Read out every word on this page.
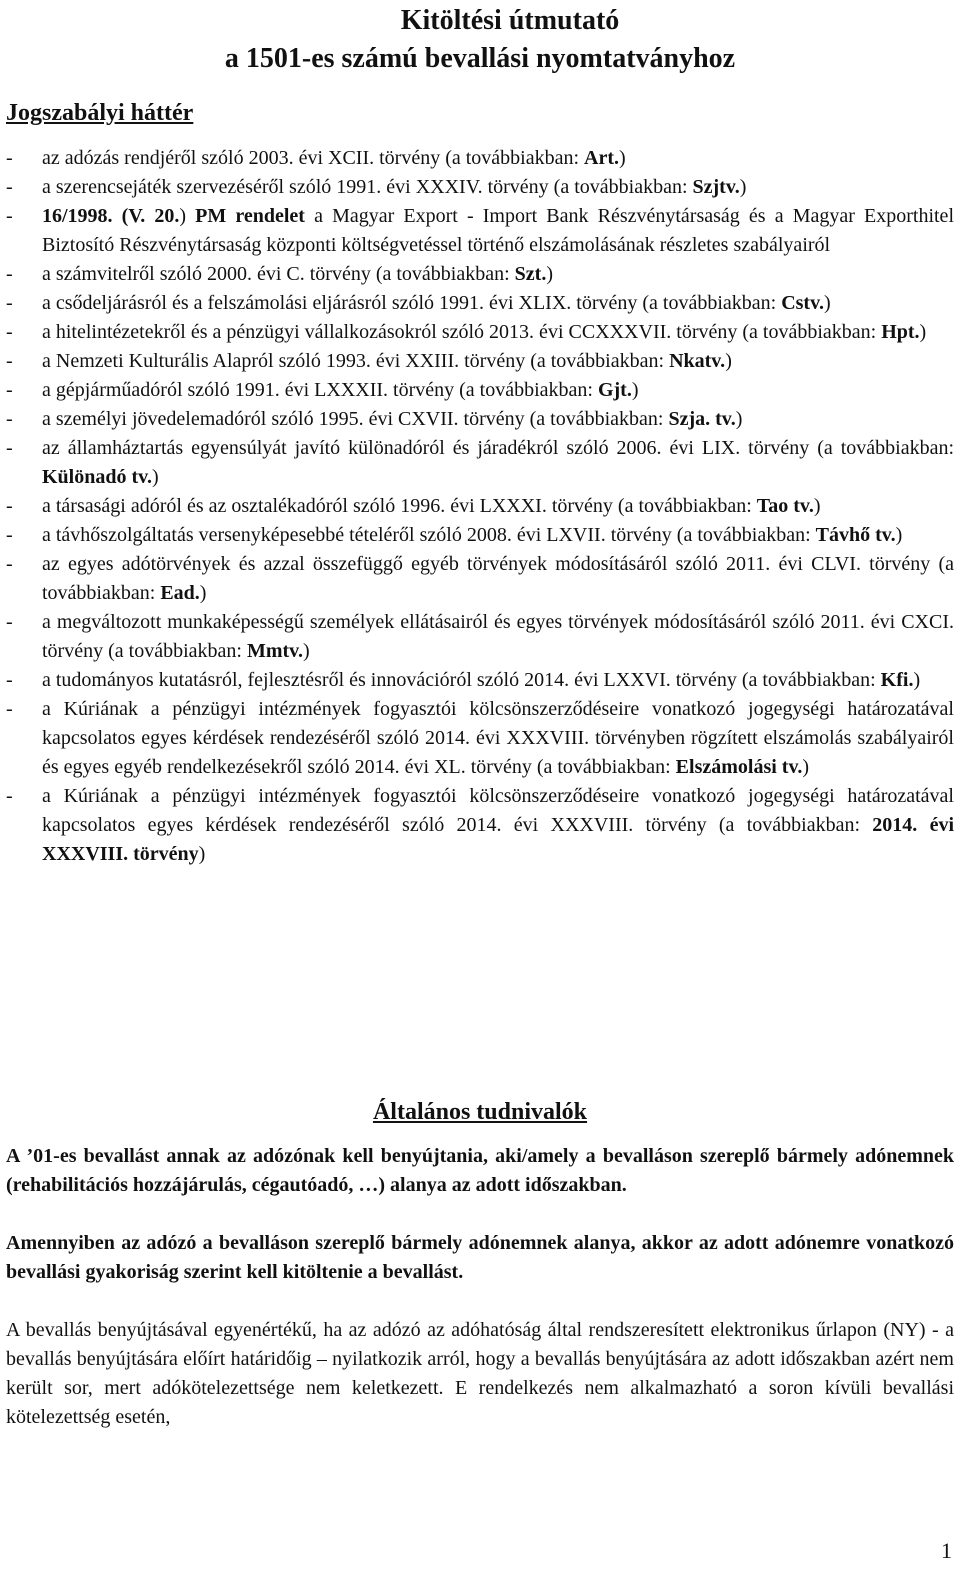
Kitöltési útmutató
a 1501-es számú bevallási nyomtatványhoz
Jogszabályi háttér
- az adózás rendjéről szóló 2003. évi XCII. törvény (a továbbiakban: Art.)
- a szerencsejáték szervezéséről szóló 1991. évi XXXIV. törvény (a továbbiakban: Szjtv.)
- 16/1998. (V. 20.) PM rendelet a Magyar Export - Import Bank Részvénytársaság és a Magyar Exporthitel Biztosító Részvénytársaság központi költségvetéssel történő elszámolásának részletes szabályairól
- a számvitelről szóló 2000. évi C. törvény (a továbbiakban: Szt.)
- a csődeljárásról és a felszámolási eljárásról szóló 1991. évi XLIX. törvény (a továbbiakban: Cstv.)
- a hitelintézetekről és a pénzügyi vállalkozásokról szóló 2013. évi CCXXXVII. törvény (a továbbiakban: Hpt.)
- a Nemzeti Kulturális Alapról szóló 1993. évi XXIII. törvény (a továbbiakban: Nkatv.)
- a gépjárműadóról szóló 1991. évi LXXXII. törvény (a továbbiakban: Gjt.)
- a személyi jövedelemadóról szóló 1995. évi CXVII. törvény (a továbbiakban: Szja. tv.)
- az államháztartás egyensúlyát javító különadóról és járadékról szóló 2006. évi LIX. törvény (a továbbiakban: Különadó tv.)
- a társasági adóról és az osztalékadóról szóló 1996. évi LXXXI. törvény (a továbbiakban: Tao tv.)
- a távhőszolgáltatás versenyképesebbé tételéről szóló 2008. évi LXVII. törvény (a továbbiakban: Távhő tv.)
- az egyes adótörvények és azzal összefüggő egyéb törvények módosításáról szóló 2011. évi CLVI. törvény (a továbbiakban: Ead.)
- a megváltozott munkaképességű személyek ellátásairól és egyes törvények módosításáról szóló 2011. évi CXCI. törvény (a továbbiakban: Mmtv.)
- a tudományos kutatásról, fejlesztésről és innovációról szóló 2014. évi LXXVI. törvény (a továbbiakban: Kfi.)
- a Kúriának a pénzügyi intézmények fogyasztói kölcsönszerződéseire vonatkozó jogegységi határozatával kapcsolatos egyes kérdések rendezéséről szóló 2014. évi XXXVIII. törvényben rögzített elszámolás szabályairól és egyes egyéb rendelkezésekről szóló 2014. évi XL. törvény (a továbbiakban: Elszámolási tv.)
- a Kúriának a pénzügyi intézmények fogyasztói kölcsönszerződéseire vonatkozó jogegységi határozatával kapcsolatos egyes kérdések rendezéséről szóló 2014. évi XXXVIII. törvény (a továbbiakban: 2014. évi XXXVIII. törvény)
Általános tudnivalók

A ’01-es bevallást annak az adózónak kell benyújtania, aki/amely a bevalláson szereplő bármely adónemnek (rehabilitációs hozzájárulás, cégautóadó, …) alanya az adott időszakban.

Amennyiben az adózó a bevalláson szereplő bármely adónemnek alanya, akkor az adott adónemre vonatkozó bevallási gyakoriság szerint kell kitöltenie a bevallást.

A bevallás benyújtásával egyenértékű, ha az adózó az adóhatóság által rendszeresített elektronikus űrlapon (NY) - a bevallás benyújtására előírt határidőig – nyilatkozik arról, hogy a bevallás benyújtására az adott időszakban azért nem került sor, mert adókötelezettsége nem keletkezett. E rendelkezés nem alkalmazható a soron kívüli bevallási kötelezettség esetén,

1
